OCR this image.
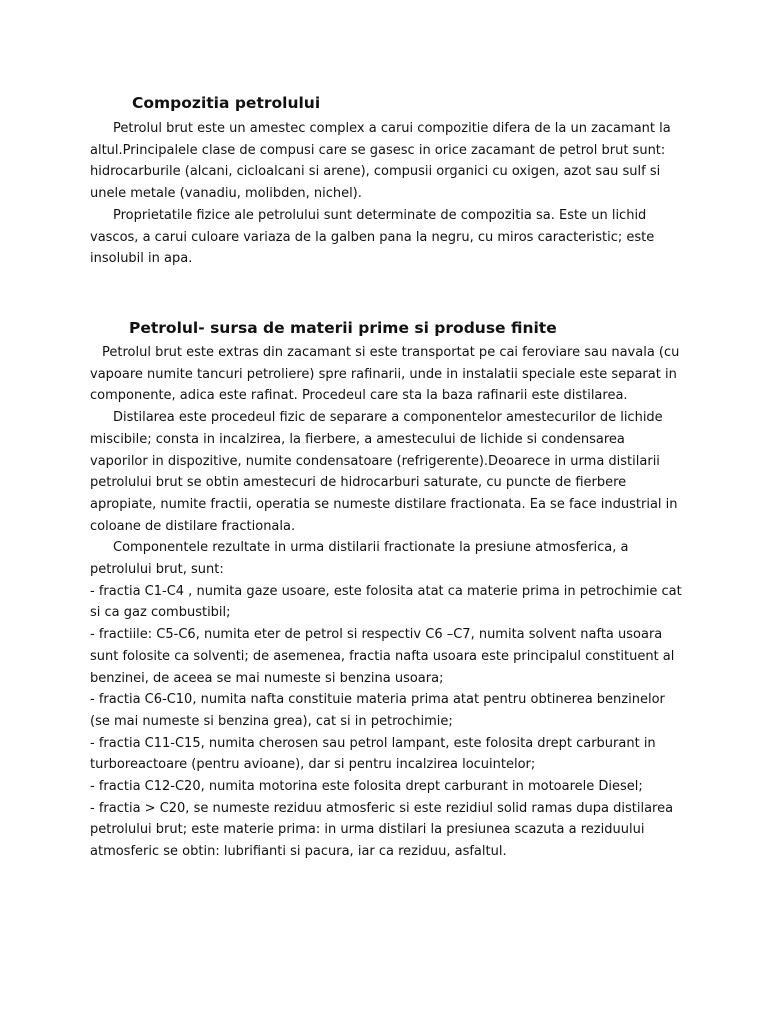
Compozitia petrolului

Petrolul brut este un amestec complex a carui compozitie difera de la un zacamant la altul.Principalele clase de compusi care se gasesc in orice zacamant de petrol brut sunt: hidrocarburile (alcani, cicloalcani si arene), compusii organici cu oxigen, azot sau sulf si unele metale (vanadiu, molibden, nichel).

Proprietatile fizice ale petrolului sunt determinate de compozitia sa. Este un lichid vascos, a carui culoare variaza de la galben pana la negru, cu miros caracteristic; este insolubil in apa.

Petrolul- sursa de materii prime si produse finite

Petrolul brut este extras din zacamant si este transportat pe cai feroviare sau navala (cu vapoare numite tancuri petroliere) spre rafinarii, unde in instalatii speciale este separat in componente, adica este rafinat. Procedeul care sta la baza rafinarii este distilarea.

Distilarea este procedeul fizic de separare a componentelor amestecurilor de lichide miscibile; consta in incalzirea, la fierbere, a amestecului de lichide si condensarea vaporilor in dispozitive, numite condensatoare (refrigerente).Deoarece in urma distilarii petrolului brut se obtin amestecuri de hidrocarburi saturate, cu puncte de fierbere apropiate, numite fractii, operatia se numeste distilare fractionata. Ea se face industrial in coloane de distilare fractionala.

Componentele rezultate in urma distilarii fractionate la presiune atmosferica, a petrolului brut, sunt:

- fractia C1-C4 , numita gaze usoare, este folosita atat ca materie prima in petrochimie cat si ca gaz combustibil;
- fractiile: C5-C6, numita eter de petrol si respectiv C6 –C7, numita solvent nafta usoara sunt folosite ca solventi; de asemenea, fractia nafta usoara este principalul constituent al benzinei, de aceea se mai numeste si benzina usoara;
- fractia C6-C10, numita nafta constituie materia prima atat pentru obtinerea benzinelor (se mai numeste si benzina grea), cat si in petrochimie;
- fractia C11-C15, numita cherosen sau petrol lampant, este folosita drept carburant in turboreactoare (pentru avioane), dar si pentru incalzirea locuintelor;
- fractia C12-C20, numita motorina este folosita drept carburant in motoarele Diesel;
- fractia > C20, se numeste reziduu atmosferic si este rezidiul solid ramas dupa distilarea petrolului brut; este materie prima: in urma distilari la presiunea scazuta a reziduului atmosferic se obtin: lubrifianti si pacura, iar ca reziduu, asfaltul.
